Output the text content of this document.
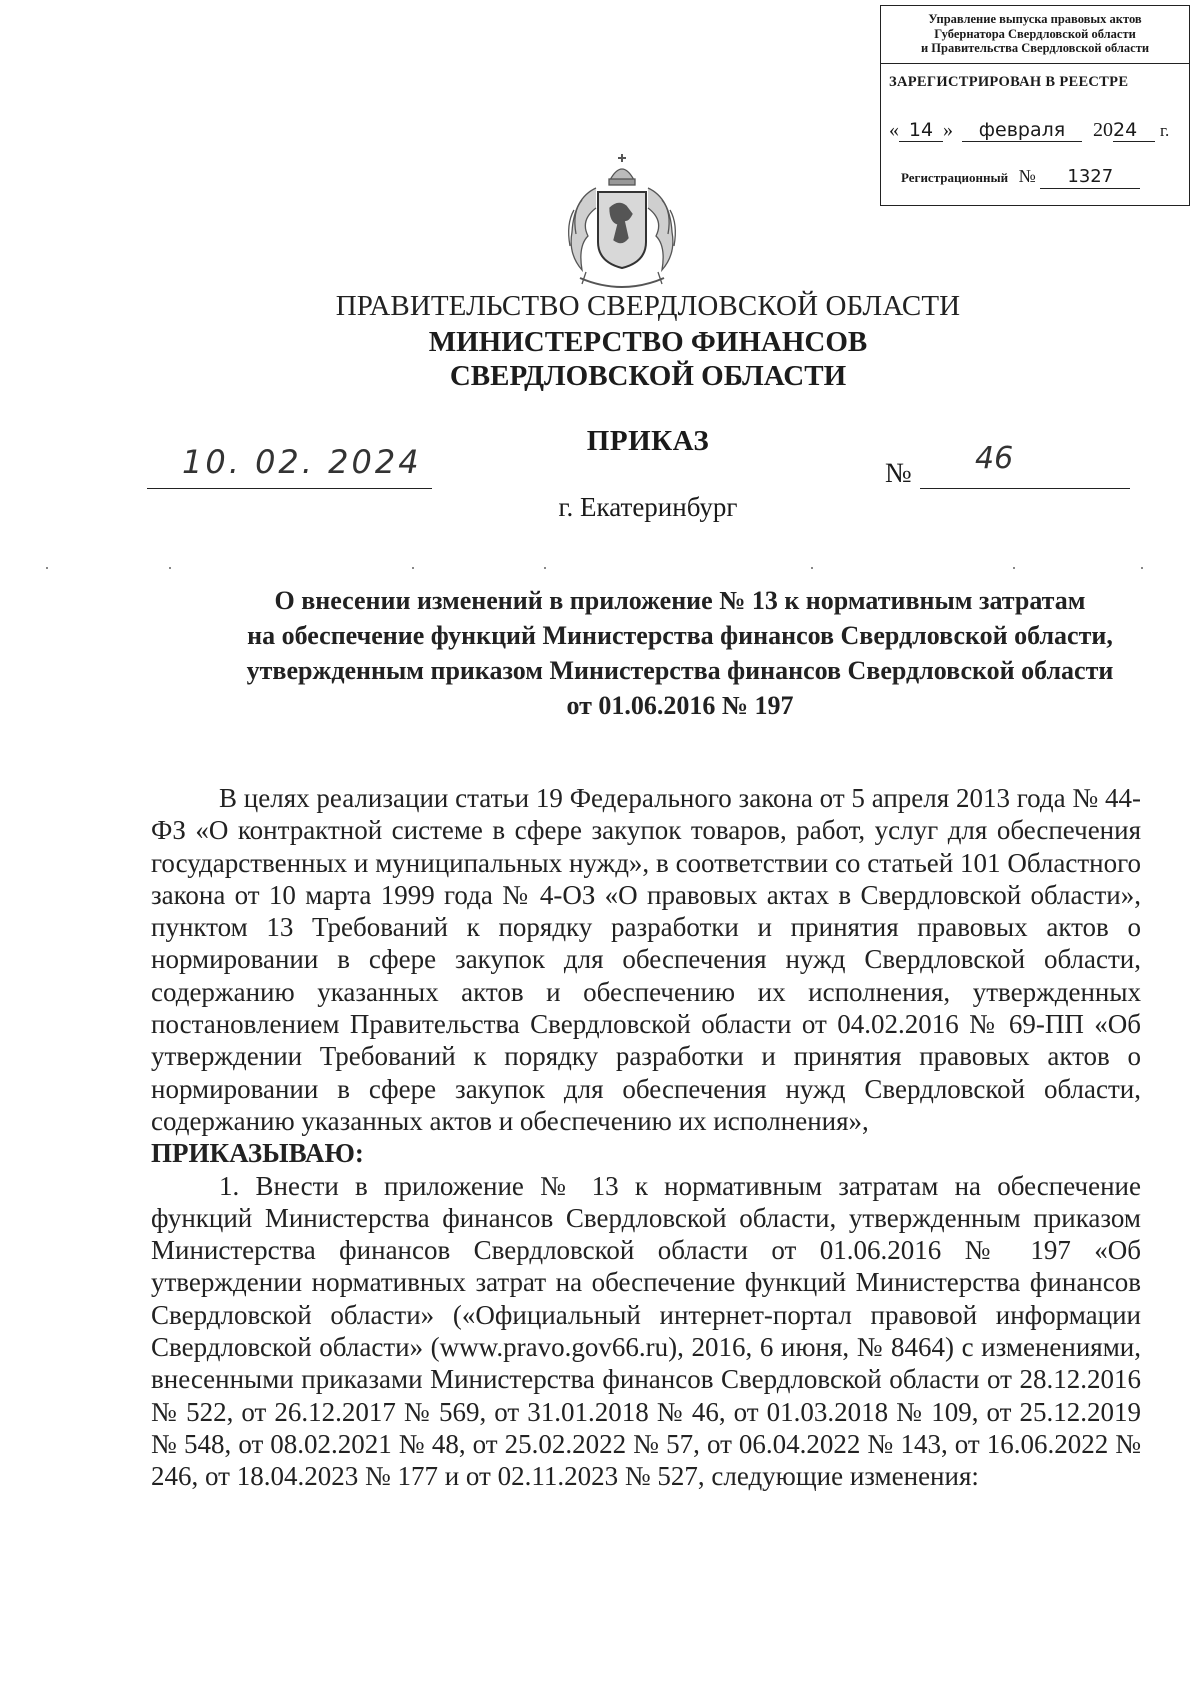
Управление выпуска правовых актов
Губернатора Свердловской области
и Правительства Свердловской области
ЗАРЕГИСТРИРОВАН В РЕЕСТРЕ
« 14 » февраля 2024 г.
Регистрационный № 1327
ПРАВИТЕЛЬСТВО СВЕРДЛОВСКОЙ ОБЛАСТИ
МИНИСТЕРСТВО ФИНАНСОВ
СВЕРДЛОВСКОЙ ОБЛАСТИ
ПРИКАЗ
10. 02. 2024	№ 46
г. Екатеринбург
О внесении изменений в приложение № 13 к нормативным затратам
на обеспечение функций Министерства финансов Свердловской области,
утвержденным приказом Министерства финансов Свердловской области
от 01.06.2016 № 197

В целях реализации статьи 19 Федерального закона от 5 апреля 2013 года № 44-ФЗ «О контрактной системе в сфере закупок товаров, работ, услуг для обеспечения государственных и муниципальных нужд», в соответствии со статьей 101 Областного закона от 10 марта 1999 года № 4-ОЗ «О правовых актах в Свердловской области», пунктом 13 Требований к порядку разработки и принятия правовых актов о нормировании в сфере закупок для обеспечения нужд Свердловской области, содержанию указанных актов и обеспечению их исполнения, утвержденных постановлением Правительства Свердловской области от 04.02.2016 № 69-ПП «Об утверждении Требований к порядку разработки и принятия правовых актов о нормировании в сфере закупок для обеспечения нужд Свердловской области, содержанию указанных актов и обеспечению их исполнения»,

ПРИКАЗЫВАЮ:

1. Внести в приложение № 13 к нормативным затратам на обеспечение функций Министерства финансов Свердловской области, утвержденным приказом Министерства финансов Свердловской области от 01.06.2016 № 197 «Об утверждении нормативных затрат на обеспечение функций Министерства финансов Свердловской области» («Официальный интернет-портал правовой информации Свердловской области» (www.pravo.gov66.ru), 2016, 6 июня, № 8464) с изменениями, внесенными приказами Министерства финансов Свердловской области от 28.12.2016 № 522, от 26.12.2017 № 569, от 31.01.2018 № 46, от 01.03.2018 № 109, от 25.12.2019 № 548, от 08.02.2021 № 48, от 25.02.2022 № 57, от 06.04.2022 № 143, от 16.06.2022 № 246, от 18.04.2023 № 177 и от 02.11.2023 № 527, следующие изменения:
